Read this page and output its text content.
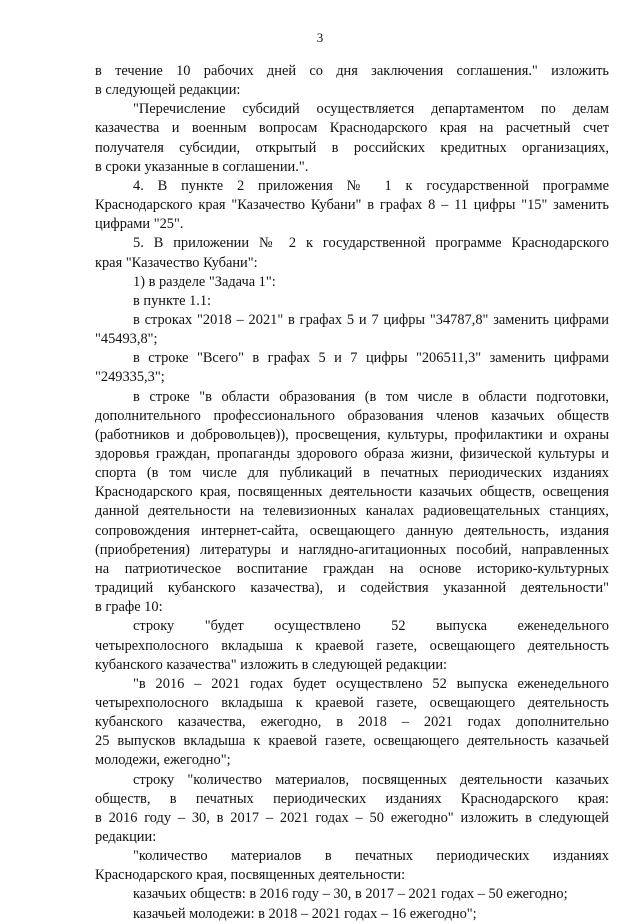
3
в течение 10 рабочих дней со дня заключения соглашения." изложить
в следующей редакции:
"Перечисление субсидий осуществляется департаментом по делам
казачества и военным вопросам Краснодарского края на расчетный счет
получателя субсидии, открытый в российских кредитных организациях,
в сроки указанные в соглашении.".
4. В пункте 2 приложения № 1 к государственной программе
Краснодарского края "Казачество Кубани" в графах 8 – 11 цифры "15" заменить
цифрами "25".
5. В приложении № 2 к государственной программе Краснодарского
края "Казачество Кубани":
1) в разделе "Задача 1":
в пункте 1.1:
в строках "2018 – 2021" в графах 5 и 7 цифры "34787,8" заменить цифрами
"45493,8";
в строке "Всего" в графах 5 и 7 цифры "206511,3" заменить цифрами
"249335,3";
в строке "в области образования (в том числе в области подготовки,
дополнительного профессионального образования членов казачьих обществ
(работников и добровольцев)), просвещения, культуры, профилактики и охраны
здоровья граждан, пропаганды здорового образа жизни, физической культуры и
спорта (в том числе для публикаций в печатных периодических изданиях
Краснодарского края, посвященных деятельности казачьих обществ, освещения
данной деятельности на телевизионных каналах радиовещательных станциях,
сопровождения интернет-сайта, освещающего данную деятельность, издания
(приобретения) литературы и наглядно-агитационных пособий, направленных
на патриотическое воспитание граждан на основе историко-культурных
традиций кубанского казачества), и содействия указанной деятельности"
в графе 10:
строку "будет осуществлено 52 выпуска еженедельного
четырехполосного вкладыша к краевой газете, освещающего деятельность
кубанского казачества" изложить в следующей редакции:
"в 2016 – 2021 годах будет осуществлено 52 выпуска еженедельного
четырехполосного вкладыша к краевой газете, освещающего деятельность
кубанского казачества, ежегодно, в 2018 – 2021 годах дополнительно
25 выпусков вкладыша к краевой газете, освещающего деятельность казачьей
молодежи, ежегодно";
строку "количество материалов, посвященных деятельности казачьих
обществ, в печатных периодических изданиях Краснодарского края:
в 2016 году – 30, в 2017 – 2021 годах – 50 ежегодно" изложить в следующей
редакции:
"количество материалов в печатных периодических изданиях
Краснодарского края, посвященных деятельности:
казачьих обществ: в 2016 году – 30, в 2017 – 2021 годах – 50 ежегодно;
казачьей молодежи: в 2018 – 2021 годах – 16 ежегодно";
